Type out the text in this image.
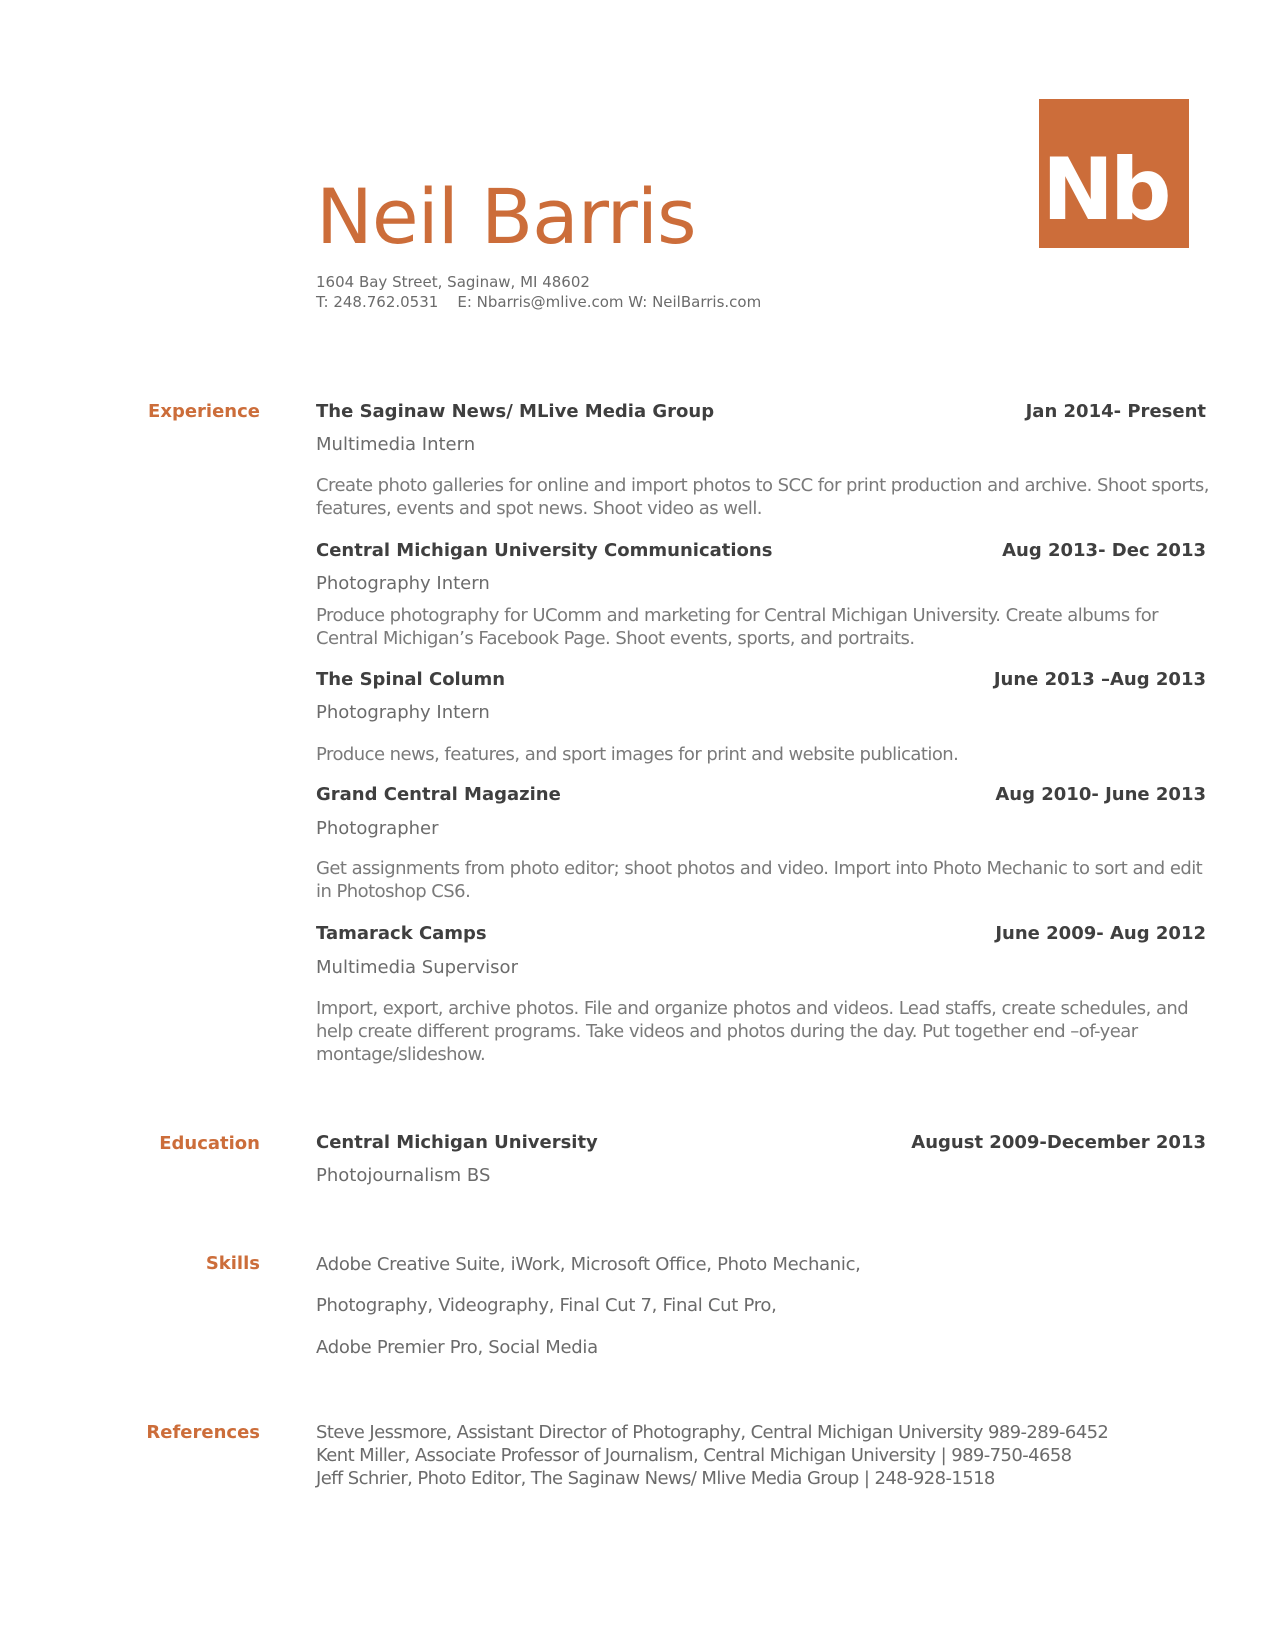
Neil Barris
1604 Bay Street, Saginaw, MI 48602
T: 248.762.0531    E: Nbarris@mlive.com W: NeilBarris.com
Nb
Experience	The Saginaw News/ MLive Media Group	Jan 2014- Present
Multimedia Intern
Create photo galleries for online and import photos to SCC for print production and archive. Shoot sports, features, events and spot news. Shoot video as well.
Central Michigan University Communications	Aug 2013- Dec 2013
Photography Intern
Produce photography for UComm and marketing for Central Michigan University. Create albums for Central Michigan’s Facebook Page. Shoot events, sports, and portraits.
The Spinal Column	June 2013 –Aug 2013
Photography Intern
Produce news, features, and sport images for print and website publication.
Grand Central Magazine	Aug 2010- June 2013
Photographer
Get assignments from photo editor; shoot photos and video. Import into Photo Mechanic to sort and edit in Photoshop CS6.
Tamarack Camps	June 2009- Aug 2012
Multimedia Supervisor
Import, export, archive photos. File and organize photos and videos. Lead staffs, create schedules, and help create different programs. Take videos and photos during the day. Put together end –of-year montage/slideshow.
Education	Central Michigan University	August 2009-December 2013
Photojournalism BS
Skills	Adobe Creative Suite, iWork, Microsoft Office, Photo Mechanic,
Photography, Videography, Final Cut 7, Final Cut Pro,
Adobe Premier Pro, Social Media
References	Steve Jessmore, Assistant Director of Photography, Central Michigan University 989-289-6452
Kent Miller, Associate Professor of Journalism, Central Michigan University | 989-750-4658
Jeff Schrier, Photo Editor, The Saginaw News/ Mlive Media Group | 248-928-1518
